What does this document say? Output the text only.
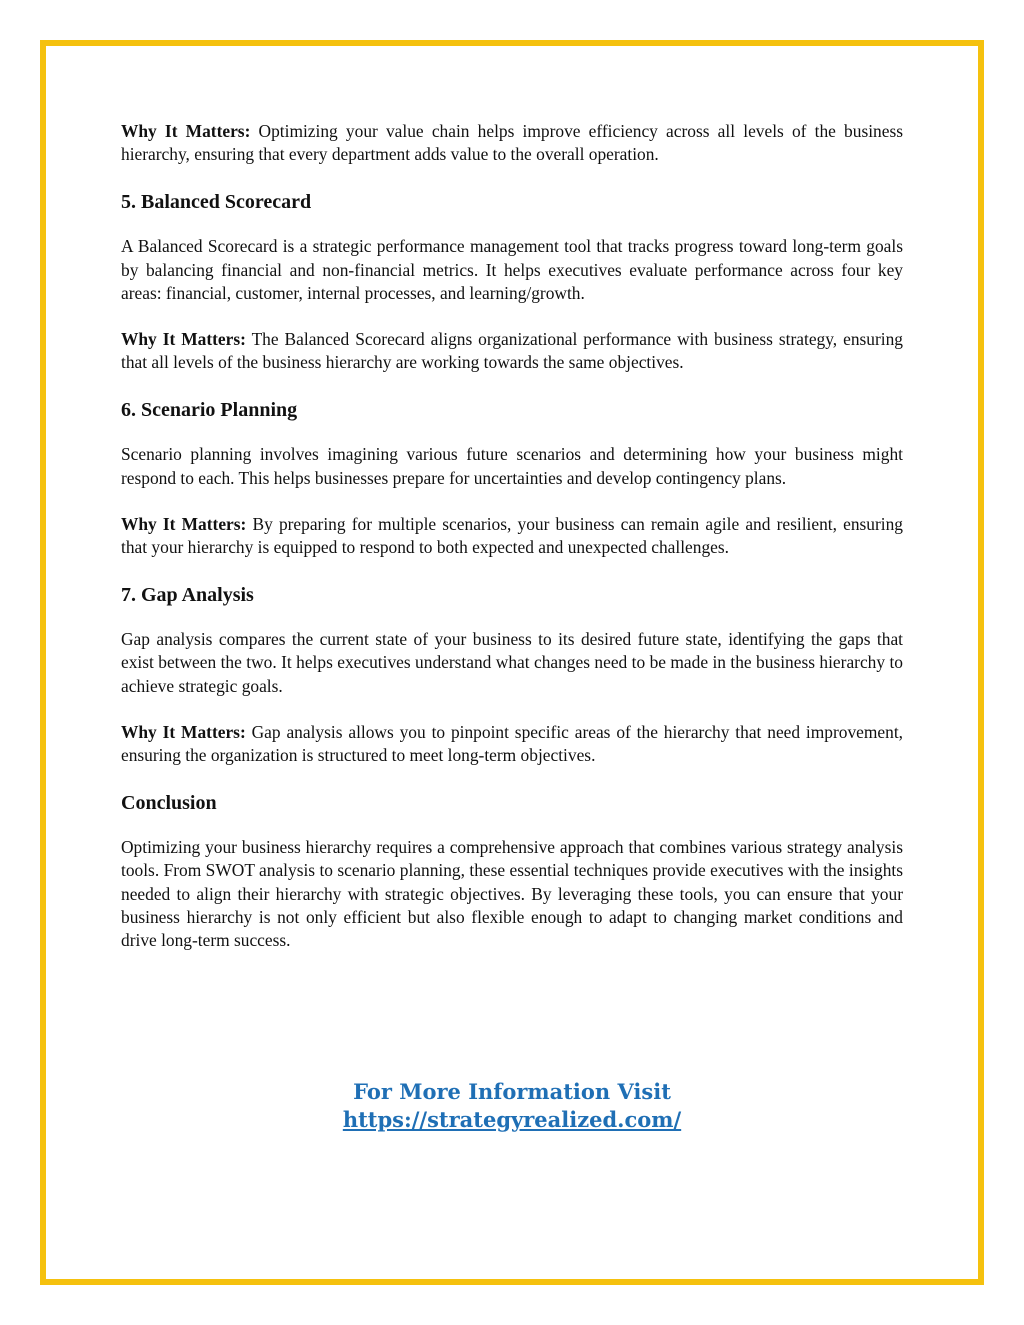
Why It Matters: Optimizing your value chain helps improve efficiency across all levels of the business hierarchy, ensuring that every department adds value to the overall operation.

5. Balanced Scorecard

A Balanced Scorecard is a strategic performance management tool that tracks progress toward long-term goals by balancing financial and non-financial metrics. It helps executives evaluate performance across four key areas: financial, customer, internal processes, and learning/growth.

Why It Matters: The Balanced Scorecard aligns organizational performance with business strategy, ensuring that all levels of the business hierarchy are working towards the same objectives.

6. Scenario Planning

Scenario planning involves imagining various future scenarios and determining how your business might respond to each. This helps businesses prepare for uncertainties and develop contingency plans.

Why It Matters: By preparing for multiple scenarios, your business can remain agile and resilient, ensuring that your hierarchy is equipped to respond to both expected and unexpected challenges.

7. Gap Analysis

Gap analysis compares the current state of your business to its desired future state, identifying the gaps that exist between the two. It helps executives understand what changes need to be made in the business hierarchy to achieve strategic goals.

Why It Matters: Gap analysis allows you to pinpoint specific areas of the hierarchy that need improvement, ensuring the organization is structured to meet long-term objectives.

Conclusion

Optimizing your business hierarchy requires a comprehensive approach that combines various strategy analysis tools. From SWOT analysis to scenario planning, these essential techniques provide executives with the insights needed to align their hierarchy with strategic objectives. By leveraging these tools, you can ensure that your business hierarchy is not only efficient but also flexible enough to adapt to changing market conditions and drive long-term success.

For More Information Visit
https://strategyrealized.com/
